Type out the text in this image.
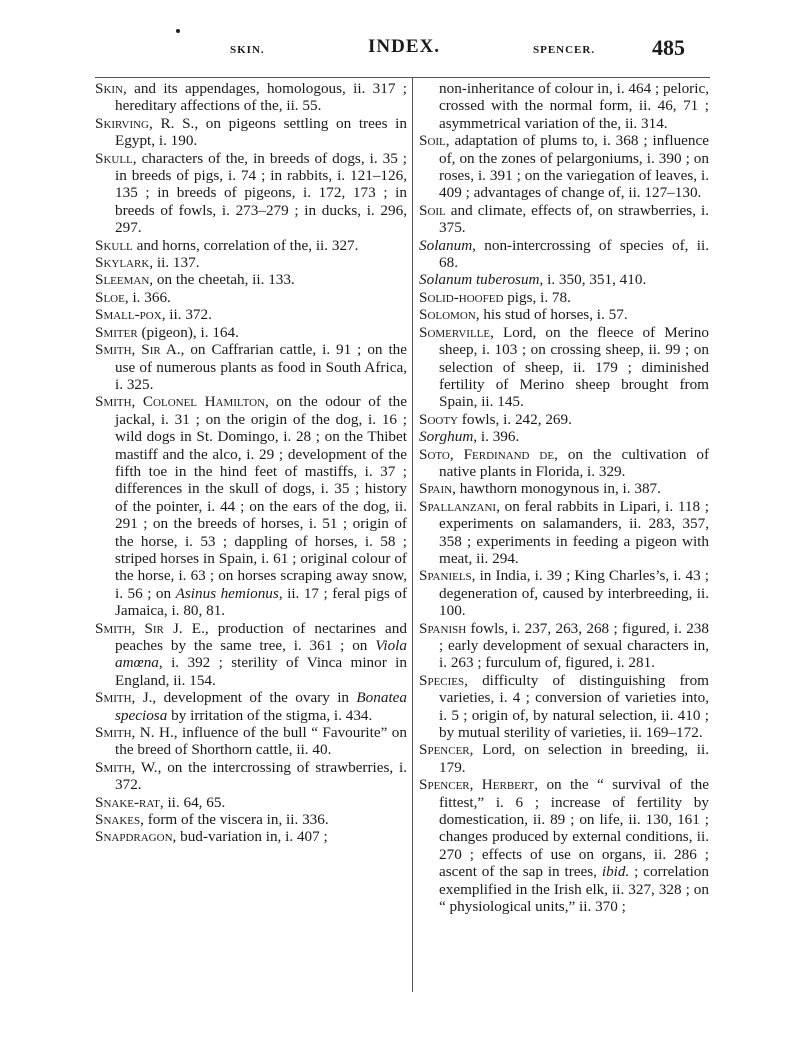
SKIN.	INDEX.	SPENCER.	485

Skin, and its appendages, homologous, ii. 317 ; hereditary affections of the, ii. 55.

Skirving, R. S., on pigeons settling on trees in Egypt, i. 190.

Skull, characters of the, in breeds of dogs, i. 35 ; in breeds of pigs, i. 74 ; in rabbits, i. 121–126, 135 ; in breeds of pigeons, i. 172, 173 ; in breeds of fowls, i. 273–279 ; in ducks, i. 296, 297.

Skull and horns, correlation of the, ii. 327.

Skylark, ii. 137.

Sleeman, on the cheetah, ii. 133.

Sloe, i. 366.

Small-pox, ii. 372.

Smiter (pigeon), i. 164.

Smith, Sir A., on Caffrarian cattle, i. 91 ; on the use of numerous plants as food in South Africa, i. 325.

Smith, Colonel Hamilton, on the odour of the jackal, i. 31 ; on the origin of the dog, i. 16 ; wild dogs in St. Domingo, i. 28 ; on the Thibet mastiff and the alco, i. 29 ; development of the fifth toe in the hind feet of mastiffs, i. 37 ; differences in the skull of dogs, i. 35 ; history of the pointer, i. 44 ; on the ears of the dog, ii. 291 ; on the breeds of horses, i. 51 ; origin of the horse, i. 53 ; dappling of horses, i. 58 ; striped horses in Spain, i. 61 ; original colour of the horse, i. 63 ; on horses scraping away snow, i. 56 ; on Asinus hemionus, ii. 17 ; feral pigs of Jamaica, i. 80, 81.

Smith, Sir J. E., production of nectarines and peaches by the same tree, i. 361 ; on Viola amœna, i. 392 ; sterility of Vinca minor in England, ii. 154.

Smith, J., development of the ovary in Bonatea speciosa by irritation of the stigma, i. 434.

Smith, N. H., influence of the bull “ Favourite” on the breed of Shorthorn cattle, ii. 40.

Smith, W., on the intercrossing of strawberries, i. 372.

Snake-rat, ii. 64, 65.

Snakes, form of the viscera in, ii. 336.

Snapdragon, bud-variation in, i. 407 ;

non-inheritance of colour in, i. 464 ; peloric, crossed with the normal form, ii. 46, 71 ; asymmetrical variation of the, ii. 314.

Soil, adaptation of plums to, i. 368 ; influence of, on the zones of pelargoniums, i. 390 ; on roses, i. 391 ; on the variegation of leaves, i. 409 ; advantages of change of, ii. 127–130.

Soil and climate, effects of, on strawberries, i. 375.

Solanum, non-intercrossing of species of, ii. 68.

Solanum tuberosum, i. 350, 351, 410.

Solid-hoofed pigs, i. 78.

Solomon, his stud of horses, i. 57.

Somerville, Lord, on the fleece of Merino sheep, i. 103 ; on crossing sheep, ii. 99 ; on selection of sheep, ii. 179 ; diminished fertility of Merino sheep brought from Spain, ii. 145.

Sooty fowls, i. 242, 269.

Sorghum, i. 396.

Soto, Ferdinand de, on the cultivation of native plants in Florida, i. 329.

Spain, hawthorn monogynous in, i. 387.

Spallanzani, on feral rabbits in Lipari, i. 118 ; experiments on salamanders, ii. 283, 357, 358 ; experiments in feeding a pigeon with meat, ii. 294.

Spaniels, in India, i. 39 ; King Charles’s, i. 43 ; degeneration of, caused by interbreeding, ii. 100.

Spanish fowls, i. 237, 263, 268 ; figured, i. 238 ; early development of sexual characters in, i. 263 ; furculum of, figured, i. 281.

Species, difficulty of distinguishing from varieties, i. 4 ; conversion of varieties into, i. 5 ; origin of, by natural selection, ii. 410 ; by mutual sterility of varieties, ii. 169–172.

Spencer, Lord, on selection in breeding, ii. 179.

Spencer, Herbert, on the “ survival of the fittest,” i. 6 ; increase of fertility by domestication, ii. 89 ; on life, ii. 130, 161 ; changes produced by external conditions, ii. 270 ; effects of use on organs, ii. 286 ; ascent of the sap in trees, ibid. ; correlation exemplified in the Irish elk, ii. 327, 328 ; on “ physiological units,” ii. 370 ;
